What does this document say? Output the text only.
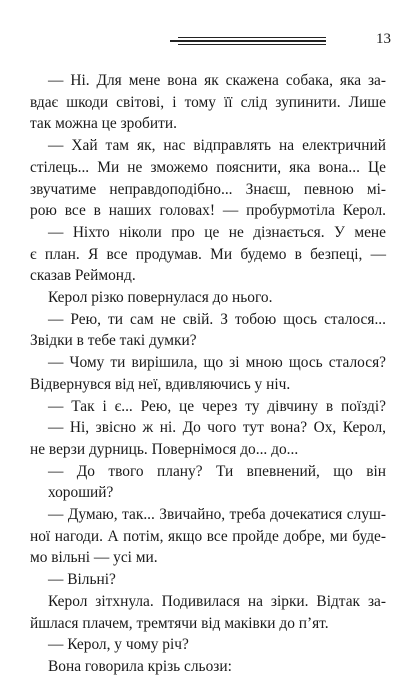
13
— Ні. Для мене вона як скажена собака, яка за-
вдає шкоди світові, і тому її слід зупинити. Лише
так можна це зробити.
— Хай там як, нас відправлять на електричний
стілець... Ми не зможемо пояснити, яка вона... Це
звучатиме неправдоподібно... Знаєш, певною мі-
рою все в наших головах! — пробурмотіла Керол.
— Ніхто ніколи про це не дізнається. У мене
є план. Я все продумав. Ми будемо в безпеці, —
сказав Реймонд.
Керол різко повернулася до нього.
— Рею, ти сам не свій. З тобою щось сталося...
Звідки в тебе такі думки?
— Чому ти вирішила, що зі мною щось сталося?
Відвернувся від неї, вдивляючись у ніч.
— Так і є... Рею, це через ту дівчину в поїзді?
— Ні, звісно ж ні. До чого тут вона? Ох, Керол,
не верзи дурниць. Повернімося до... до...
— До твого плану? Ти впевнений, що він хороший?
— Думаю, так... Звичайно, треба дочекатися слуш-
ної нагоди. А потім, якщо все пройде добре, ми буде-
мо вільні — усі ми.
— Вільні?
Керол зітхнула. Подивилася на зірки. Відтак за-
йшлася плачем, тремтячи від маківки до п’ят.
— Керол, у чому річ?
Вона говорила крізь сльози:
